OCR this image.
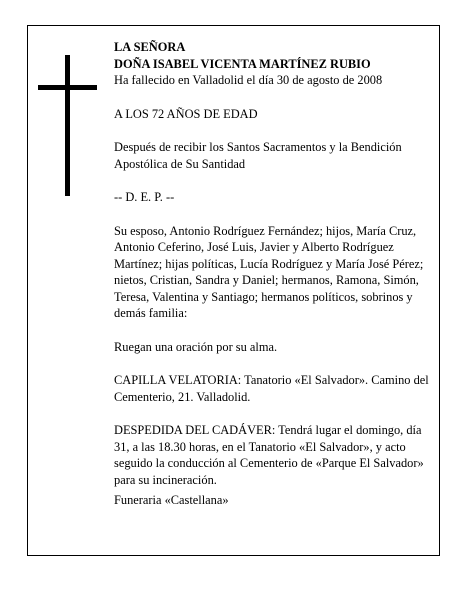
LA SEÑORA

DOÑA ISABEL VICENTA MARTÍNEZ RUBIO

Ha fallecido en Valladolid el día 30 de agosto de 2008

A LOS 72 AÑOS DE EDAD

Después de recibir los Santos Sacramentos y la Bendición Apostólica de Su Santidad

-- D. E. P. --

Su esposo, Antonio Rodríguez Fernández; hijos, María Cruz, Antonio Ceferino, José Luis, Javier y Alberto Rodríguez Martínez; hijas políticas, Lucía Rodríguez y María José Pérez; nietos, Cristian, Sandra y Daniel; hermanos, Ramona, Simón, Teresa, Valentina y Santiago; hermanos políticos, sobrinos y demás familia:

Ruegan una oración por su alma.

CAPILLA VELATORIA: Tanatorio «El Salvador». Camino del Cementerio, 21. Valladolid.

DESPEDIDA DEL CADÁVER: Tendrá lugar el domingo, día 31, a las 18.30 horas, en el Tanatorio «El Salvador», y acto seguido la conducción al Cementerio de «Parque El Salvador» para su incineración.

Funeraria «Castellana»
